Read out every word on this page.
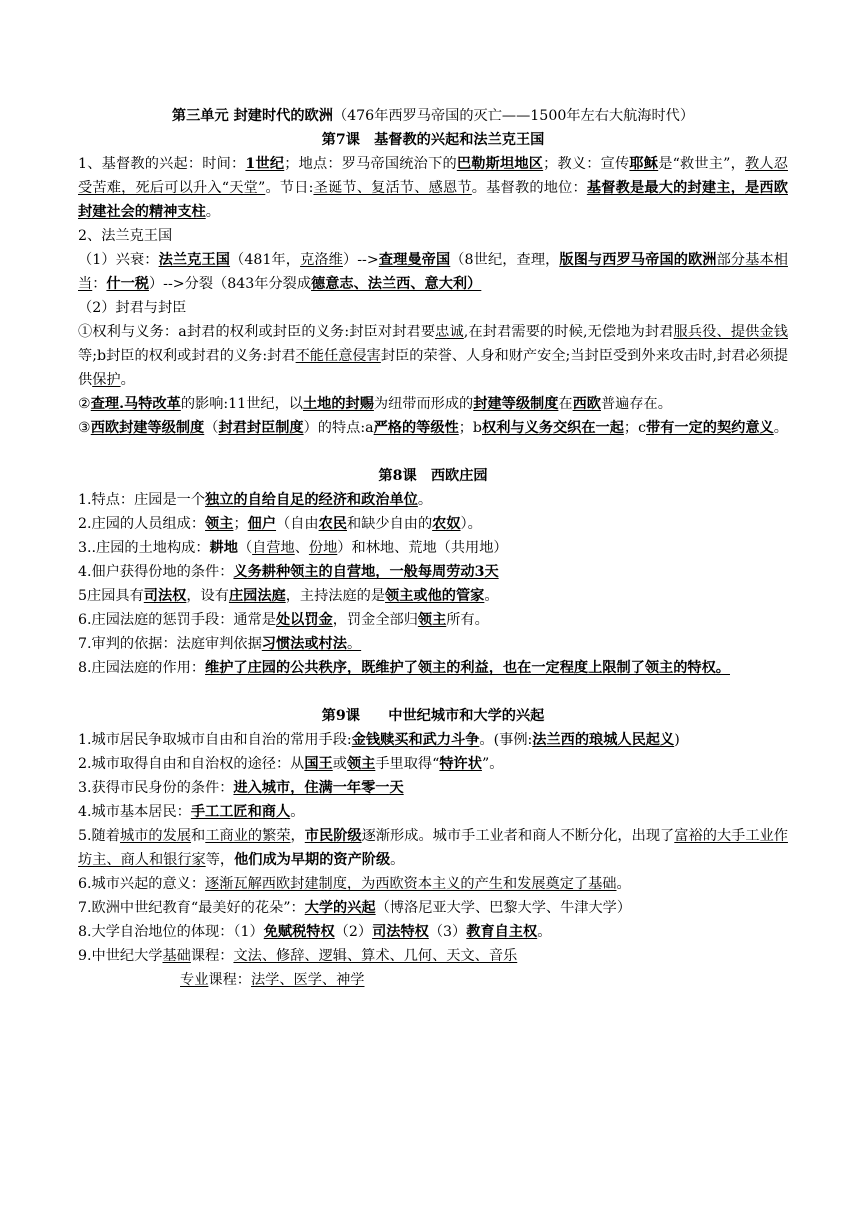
第三单元 封建时代的欧洲（476年西罗马帝国的灭亡——1500年左右大航海时代）
第7课　基督教的兴起和法兰克王国
1、基督教的兴起：时间：1世纪；地点：罗马帝国统治下的巴勒斯坦地区；教义：宣传耶稣是“救世主”，教人忍受苦难，死后可以升入“天堂”。节日:圣诞节、复活节、感恩节。基督教的地位：基督教是最大的封建主，是西欧封建社会的精神支柱。
2、法兰克王国
（1）兴衰：法兰克王国（481年，克洛维）-->查理曼帝国（8世纪，查理，版图与西罗马帝国的欧洲部分基本相当：什一税）-->分裂（843年分裂成德意志、法兰西、意大利）
（2）封君与封臣
①权利与义务：a封君的权利或封臣的义务:封臣对封君要忠诚,在封君需要的时候,无偿地为封君服兵役、提供金钱等;b封臣的权利或封君的义务:封君不能任意侵害封臣的荣誉、人身和财产安全;当封臣受到外来攻击时,封君必须提供保护。
②查理.马特改革的影响:11世纪，以土地的封赐为纽带而形成的封建等级制度在西欧普遍存在。
③西欧封建等级制度（封君封臣制度）的特点:a严格的等级性；b权利与义务交织在一起；c带有一定的契约意义。
第8课　西欧庄园
1.特点：庄园是一个独立的自给自足的经济和政治单位。
2.庄园的人员组成：领主；佃户（自由农民和缺少自由的农奴）。
3..庄园的土地构成：耕地（自营地、份地）和林地、荒地（共用地）
4.佃户获得份地的条件：义务耕种领主的自营地，一般每周劳动3天
5庄园具有司法权，设有庄园法庭，主持法庭的是领主或他的管家。
6.庄园法庭的惩罚手段：通常是处以罚金，罚金全部归领主所有。
7.审判的依据：法庭审判依据习惯法或村法。
8.庄园法庭的作用：维护了庄园的公共秩序，既维护了领主的利益，也在一定程度上限制了领主的特权。
第9课　　中世纪城市和大学的兴起
1.城市居民争取城市自由和自治的常用手段:金钱赎买和武力斗争。(事例:法兰西的琅城人民起义)
2.城市取得自由和自治权的途径：从国王或领主手里取得“特许状”。
3.获得市民身份的条件：进入城市，住满一年零一天
4.城市基本居民：手工工匠和商人。
5.随着城市的发展和工商业的繁荣，市民阶级逐渐形成。城市手工业者和商人不断分化，出现了富裕的大手工业作坊主、商人和银行家等，他们成为早期的资产阶级。
6.城市兴起的意义：逐渐瓦解西欧封建制度，为西欧资本主义的产生和发展奠定了基础。
7.欧洲中世纪教育“最美好的花朵”：大学的兴起（博洛尼亚大学、巴黎大学、牛津大学）
8.大学自治地位的体现：（1）免赋税特权（2）司法特权（3）教育自主权。
9.中世纪大学基础课程：文法、修辞、逻辑、算术、几何、天文、音乐
专业课程：法学、医学、神学
